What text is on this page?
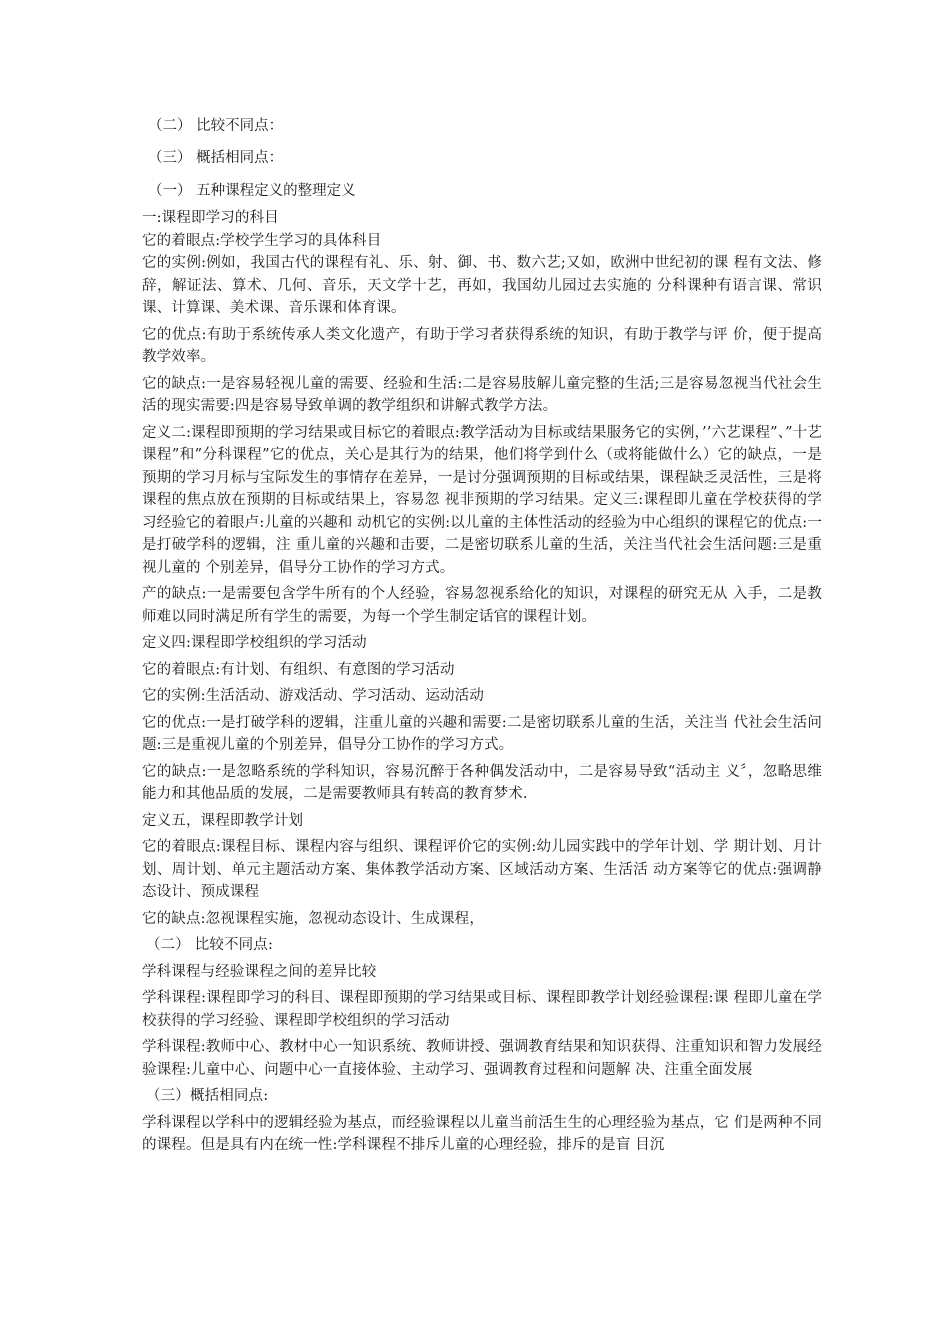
（二） 比较不同点：
（三） 概括相同点：
（一） 五种课程定义的整理定义

一:课程即学习的科目

它的着眼点:学校学生学习的具体科目

它的实例:例如，我国古代的课程有礼、乐、射、御、书、数六艺;又如，欧洲中世纪初的课 程有文法、修辞，解证法、算术、几何、音乐，天文学十艺，再如，我国幼儿园过去实施的 分科课种有语言课、常识课、计算课、美术课、音乐课和体育课。

它的优点:有助于系统传承人类文化遗产，有助于学习者获得系统的知识，有助于教学与评 价，便于提高教学效率。

它的缺点:一是容易轻视儿童的需要、经验和生活:二是容易肢解儿童完整的生活;三是容易忽视当代社会生活的现实需要:四是容易导致单调的教学组织和讲解式教学方法。

定义二:课程即预期的学习结果或目标它的着眼点:教学活动为目标或结果服务它的实例，’’六艺课程”、”十艺课程”和”分科课程”它的优点，关心是其行为的结果，他们将学到什么（或将能做什么）它的缺点，一是预期的学习月标与宝际发生的事情存在差异，一是讨分强调预期的目标或结果，课程缺乏灵活性，三是将课程的焦点放在预期的目标或结果上，容易忽 视非预期的学习结果。定义三:课程即儿童在学校获得的学习经验它的着眼卢:儿童的兴趣和 动机它的实例:以儿童的主体性活动的经验为中心组织的课程它的优点:一是打破学科的逻辑，注 重儿童的兴趣和击要，二是密切联系儿童的生活，关注当代社会生活问题:三是重视儿童的 个别差异，倡导分工协作的学习方式。

产的缺点:一是需要包含学牛所有的个人经验，容易忽视系给化的知识，对课程的研究无从 入手，二是教师难以同时满足所有学生的需要，为每一个学生制定话官的课程计划。

定义四:课程即学校组织的学习活动

它的着眼点:有计划、有组织、有意图的学习活动

它的实例:生活活动、游戏活动、学习活动、运动活动

它的优点:一是打破学科的逻辑，注重儿童的兴趣和需要:二是密切联系儿童的生活，关注当 代社会生活问题:三是重视儿童的个别差异，倡导分工协作的学习方式。

它的缺点:一是忽略系统的学科知识，容易沉醉于各种偶发活动中，二是容易导致“活动主 义〞，忽略思维能力和其他品质的发展，二是需要教师具有转高的教育梦术.

定义五，课程即教学计划

它的着眼点:课程目标、课程内容与组织、课程评价它的实例:幼儿园实践中的学年计划、学 期计划、月计划、周计划、单元主题活动方案、集体教学活动方案、区域活动方案、生活活 动方案等它的优点:强调静态设计、预成课程

它的缺点:忽视课程实施，忽视动态设计、生成课程，

（二） 比较不同点:

学科课程与经验课程之间的差异比较

学科课程:课程即学习的科目、课程即预期的学习结果或目标、课程即教学计划经验课程:课 程即儿童在学校获得的学习经验、课程即学校组织的学习活动

学科课程:教师中心、教材中心一知识系统、教师讲授、强调教育结果和知识获得、注重知识和智力发展经验课程:儿童中心、问题中心一直接体验、主动学习、强调教育过程和问题解 决、注重全面发展

（三）概括相同点:

学科课程以学科中的逻辑经验为基点，而经验课程以儿童当前活生生的心理经验为基点，它 们是两种不同的课程。但是具有内在统一性:学科课程不排斥儿童的心理经验，排斥的是盲 目沉
